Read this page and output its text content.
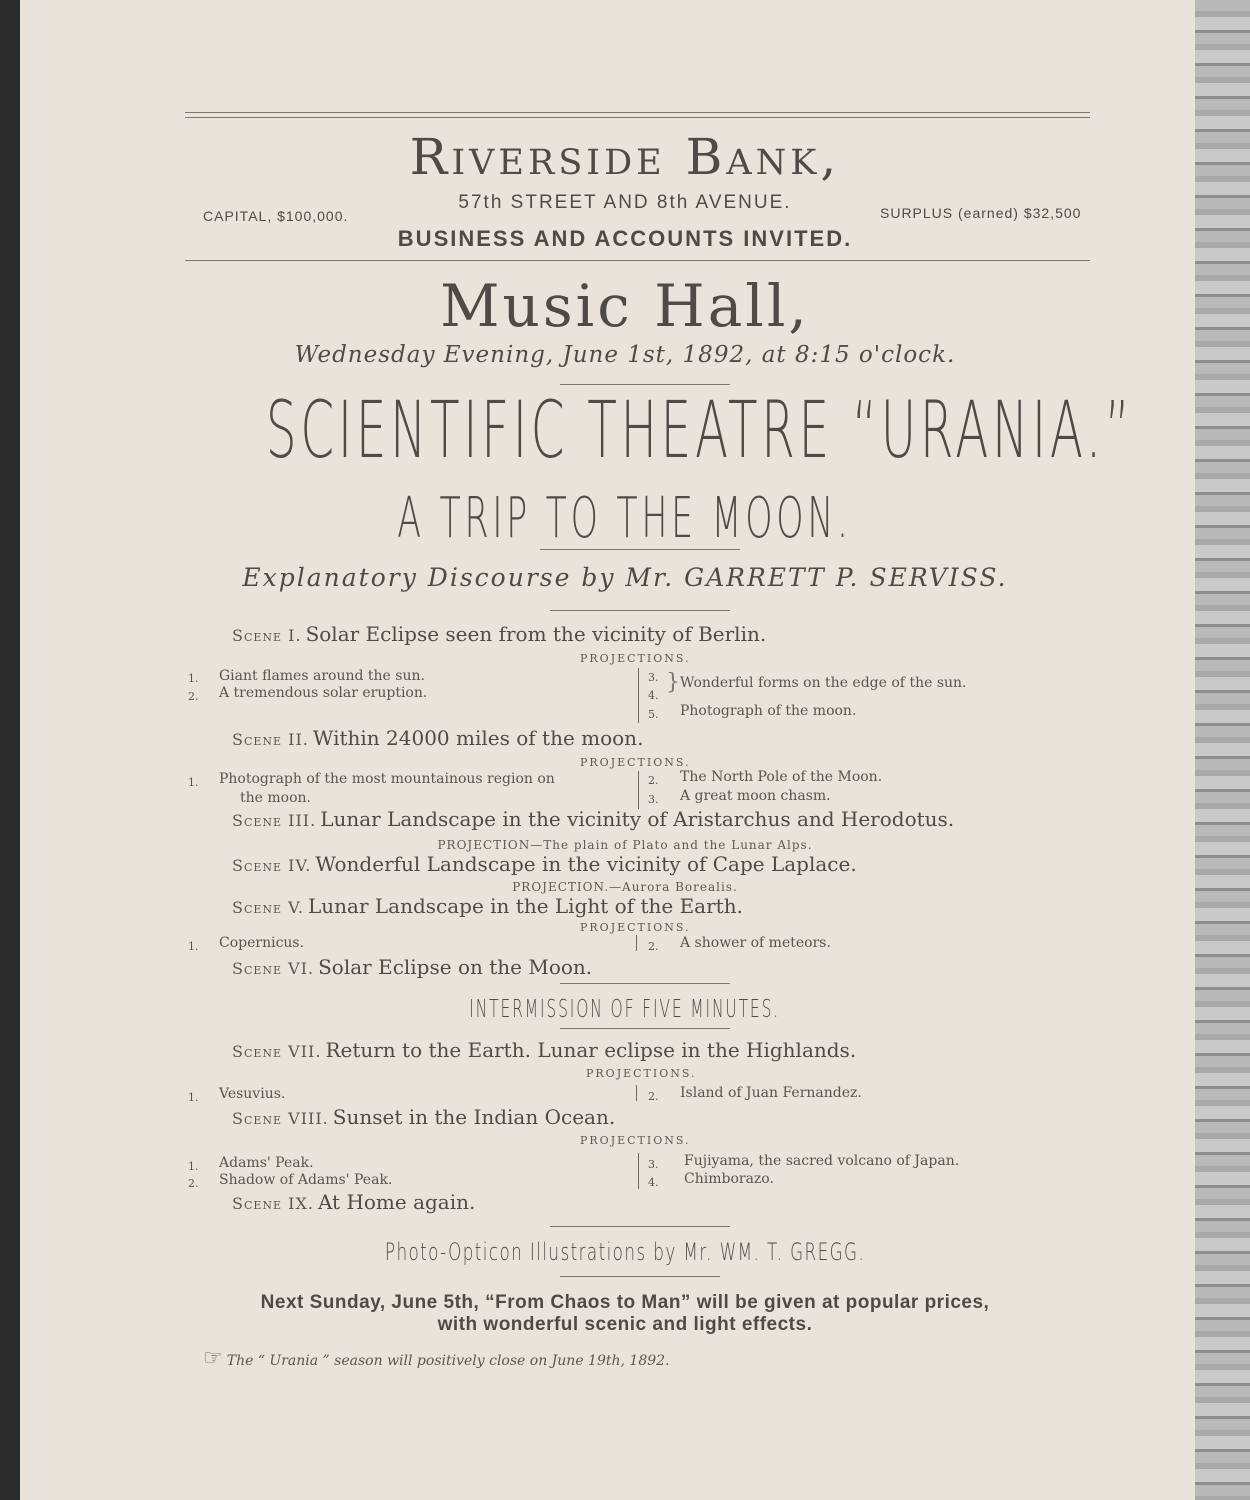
Riverside Bank,
57th STREET AND 8th AVENUE.
CAPITAL, $100,000.	SURPLUS (earned) $32,500
BUSINESS AND ACCOUNTS INVITED.
Music Hall,
Wednesday Evening, June 1st, 1892, at 8:15 o'clock.
SCIENTIFIC THEATRE “URANIA.”
A TRIP TO THE MOON.
Explanatory Discourse by Mr. GARRETT P. SERVISS.
Scene I. Solar Eclipse seen from the vicinity of Berlin.
PROJECTIONS.
1. Giant flames around the sun.
2. A tremendous solar eruption.
3.
4.
} Wonderful forms on the edge of the sun.
5. Photograph of the moon.
Scene II. Within 24000 miles of the moon.
PROJECTIONS.
1. Photograph of the most mountainous region on
the moon.
2. The North Pole of the Moon.
3. A great moon chasm.
Scene III. Lunar Landscape in the vicinity of Aristarchus and Herodotus.
PROJECTION—The plain of Plato and the Lunar Alps.
Scene IV. Wonderful Landscape in the vicinity of Cape Laplace.
PROJECTION.—Aurora Borealis.
Scene V. Lunar Landscape in the Light of the Earth.
PROJECTIONS.
1. Copernicus.	2. A shower of meteors.
Scene VI. Solar Eclipse on the Moon.
INTERMISSION OF FIVE MINUTES.
Scene VII. Return to the Earth. Lunar eclipse in the Highlands.
PROJECTIONS.
1. Vesuvius.	2. Island of Juan Fernandez.
Scene VIII. Sunset in the Indian Ocean.
PROJECTIONS.
1. Adams' Peak.
2. Shadow of Adams' Peak.
3. Fujiyama, the sacred volcano of Japan.
4. Chimborazo.
Scene IX. At Home again.
Photo-Opticon Illustrations by Mr. WM. T. GREGG.
Next Sunday, June 5th, “From Chaos to Man” will be given at popular prices,
with wonderful scenic and light effects.
☞ The “ Urania ” season will positively close on June 19th, 1892.
